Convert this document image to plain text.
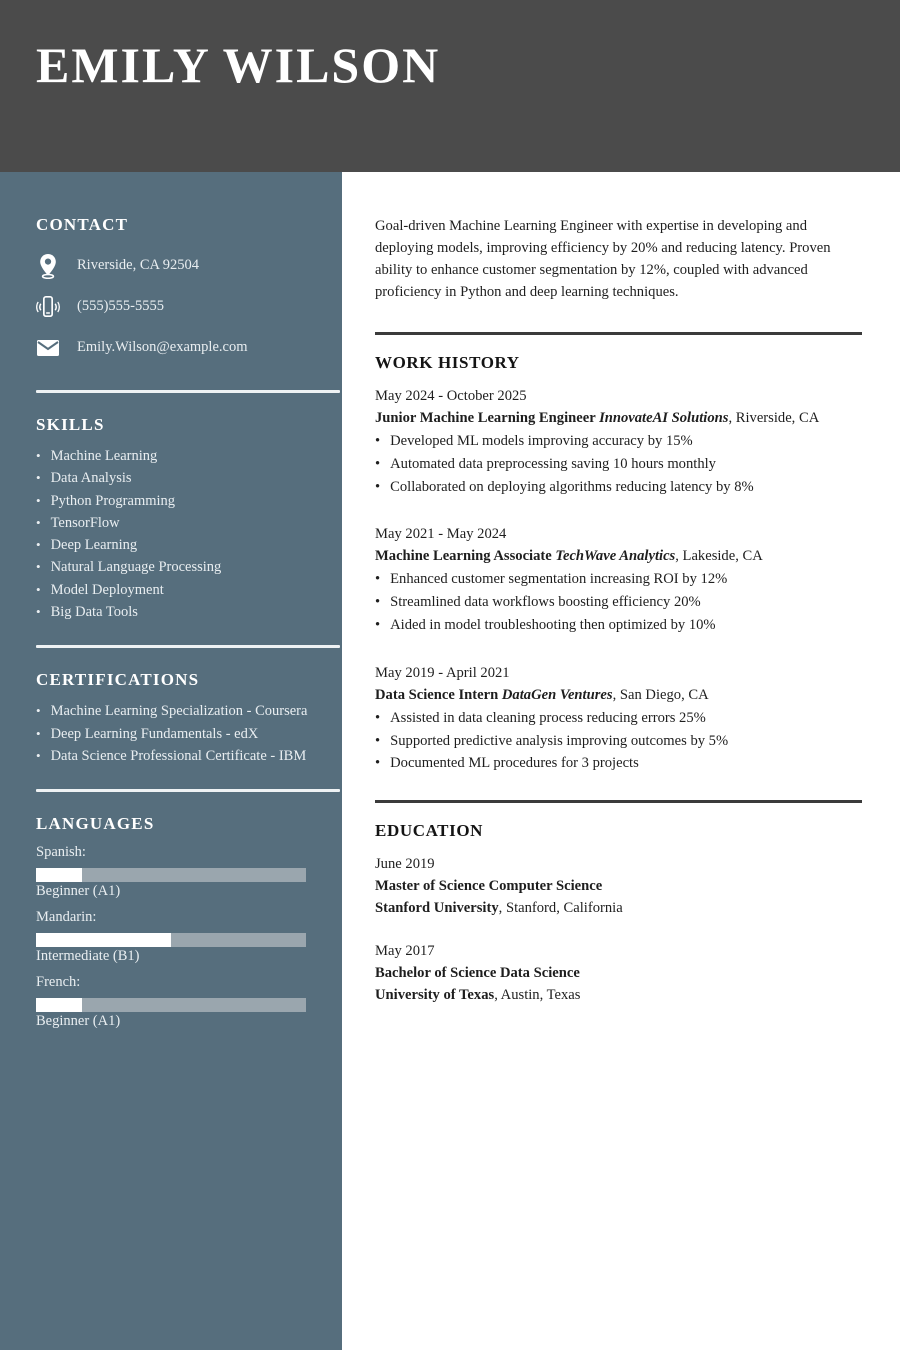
EMILY WILSON
CONTACT
Riverside, CA 92504
(555)555-5555
Emily.Wilson@example.com
SKILLS
• Machine Learning
• Data Analysis
• Python Programming
• TensorFlow
• Deep Learning
• Natural Language Processing
• Model Deployment
• Big Data Tools
CERTIFICATIONS
• Machine Learning Specialization - Coursera
• Deep Learning Fundamentals - edX
• Data Science Professional Certificate - IBM
LANGUAGES
Spanish:
Beginner (A1)
Mandarin:
Intermediate (B1)
French:
Beginner (A1)

Goal-driven Machine Learning Engineer with expertise in developing and deploying models, improving efficiency by 20% and reducing latency. Proven ability to enhance customer segmentation by 12%, coupled with advanced proficiency in Python and deep learning techniques.

WORK HISTORY
May 2024 - October 2025
Junior Machine Learning Engineer InnovateAI Solutions, Riverside, CA
• Developed ML models improving accuracy by 15%
• Automated data preprocessing saving 10 hours monthly
• Collaborated on deploying algorithms reducing latency by 8%
May 2021 - May 2024
Machine Learning Associate TechWave Analytics, Lakeside, CA
• Enhanced customer segmentation increasing ROI by 12%
• Streamlined data workflows boosting efficiency 20%
• Aided in model troubleshooting then optimized by 10%
May 2019 - April 2021
Data Science Intern DataGen Ventures, San Diego, CA
• Assisted in data cleaning process reducing errors 25%
• Supported predictive analysis improving outcomes by 5%
• Documented ML procedures for 3 projects
EDUCATION
June 2019
Master of Science Computer Science
Stanford University, Stanford, California
May 2017
Bachelor of Science Data Science
University of Texas, Austin, Texas
